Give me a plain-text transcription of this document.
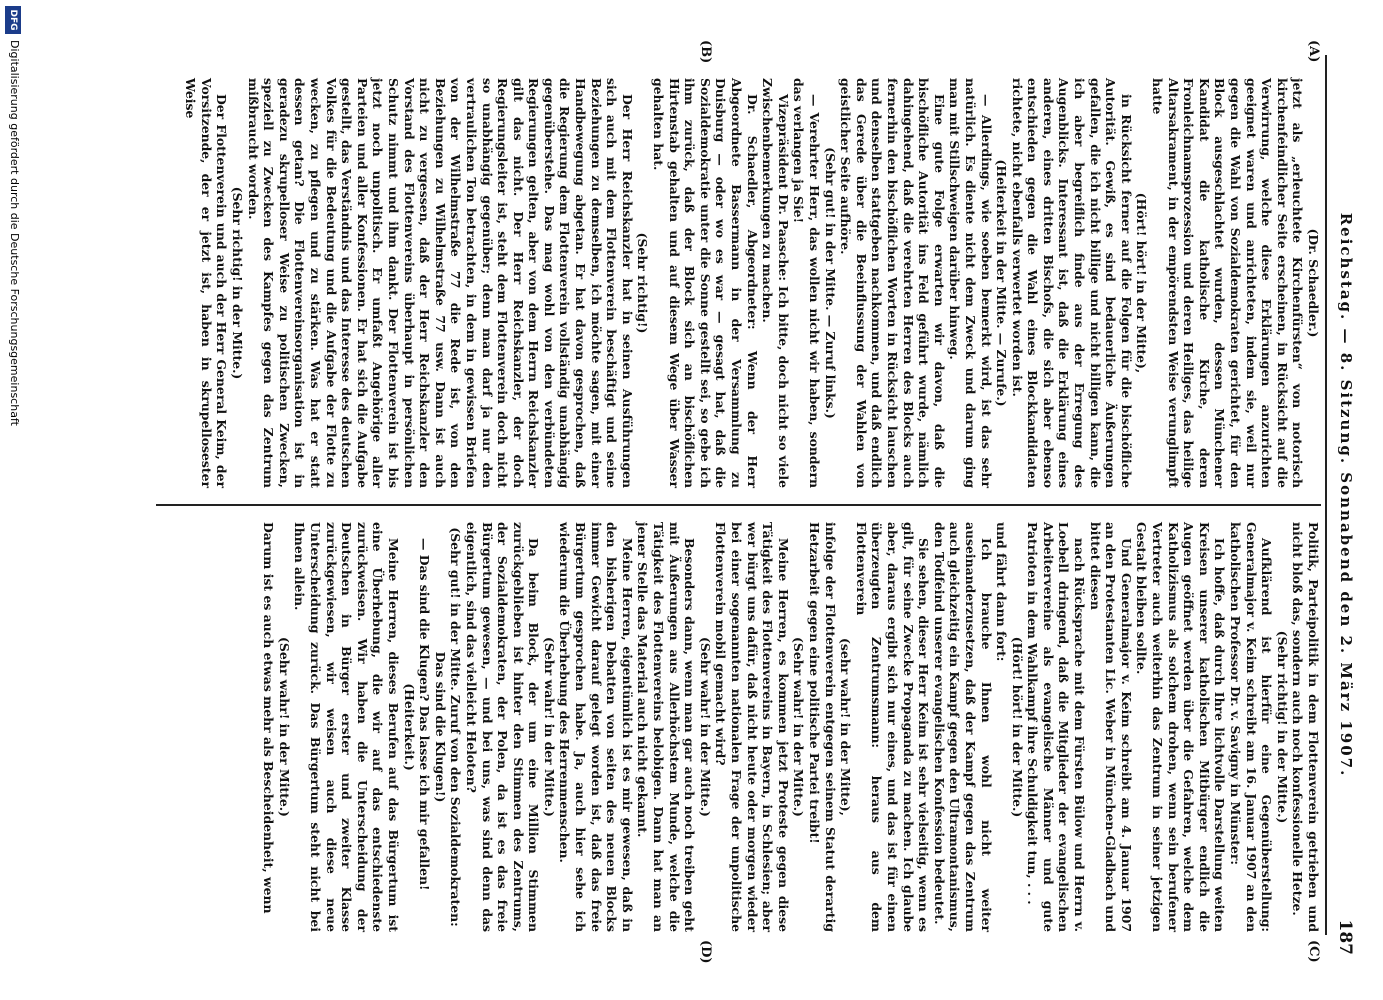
Reichstag. — 8. Sitzung. Sonnabend den 2. März 1907.
187
(A)
(B)
(C)
(D)

(Dr. Schaedler.)

jetzt als „erleuchtete Kirchenfürsten“ von notorisch kirchenfeindlicher Seite erscheinen, in Rücksicht auf die Verwirrung, welche diese Erklärungen anzurichten geeignet waren und anrichteten, indem sie, weil nur gegen die Wahl von Sozialdemokraten gerichtet, für den Block ausgeschlachtet wurden, dessen Münchener Kandidat die katholische Kirche, deren Fronleichnamsprozession und deren Heiliges, das heilige Altarsakrament, in der empörendsten Weise verunglimpft hatte

(Hört! hört! in der Mitte),

in Rücksicht ferner auf die Folgen für die bischöfliche Autorität. Gewiß, es sind bedauerliche Äußerungen gefallen, die ich nicht billige und nicht billigen kann, die ich aber begreiflich finde aus der Erregung des Augenblicks. Interessant ist, daß die Erklärung eines anderen, eines dritten Bischofs, die sich aber ebenso entschieden gegen die Wahl eines Blockkandidaten richtete, nicht ebenfalls verwertet worden ist.

(Heiterkeit in der Mitte. — Zurufe.)

— Allerdings, wie soeben bemerkt wird, ist das sehr natürlich. Es diente nicht dem Zweck und darum ging man mit Stillschweigen darüber hinweg.

Eine gute Folge erwarten wir davon, daß die bischöfliche Autorität ins Feld geführt wurde, nämlich dahingehend, daß die verehrten Herren des Blocks auch fernerhin den bischöflichen Worten in Rücksicht lauschen und denselben stattgeben nachkommen, und daß endlich das Gerede über die Beeinflussung der Wahlen von geistlicher Seite aufhöre.

(Sehr gut! in der Mitte. — Zuruf links.)

— Verehrter Herr, das wollen nicht wir haben, sondern das verlangen ja Sie!

Vizepräsident Dr. Paasche: Ich bitte, doch nicht so viele Zwischenbemerkungen zu machen.

Dr. Schaedler, Abgeordneter: Wenn der Herr Abgeordnete Bassermann in der Versammlung zu Duisburg — oder wo es war — gesagt hat, daß die Sozialdemokratie unter die Sonne gestellt sei, so gebe ich ihm zurück, daß der Block sich an bischöflichen Hirtenstab gehalten und auf diesem Wege über Wasser gehalten hat.

(Sehr richtig!)

Der Herr Reichskanzler hat in seinen Ausführungen sich auch mit dem Flottenverein beschäftigt und seine Beziehungen zu demselben, ich möchte sagen, mit einer Handbewegung abgetan. Er hat davon gesprochen, daß die Regierung dem Flottenverein vollständig unabhängig gegenüberstehe. Das mag wohl von den verbündeten Regierungen gelten, aber von dem Herrn Reichskanzler gilt das nicht. Der Herr Reichskanzler, der doch Regierungsleiter ist, steht dem Flottenverein doch nicht so unabhängig gegenüber; denn man darf ja nur den vertraulichen Ton betrachten, in dem in gewissen Briefen von der Wilhelmstraße 77 die Rede ist, von den Beziehungen zu Wilhelmstraße 77 usw. Dann ist auch nicht zu vergessen, daß der Herr Reichskanzler den Vorstand des Flottenvereins überhaupt in persönlichen Schutz nimmt und ihm dankt. Der Flottenverein ist bis jetzt noch unpolitisch. Er umfaßt Angehörige aller Parteien und aller Konfessionen. Er hat sich die Aufgabe gestellt, das Verständnis und das Interesse des deutschen Volkes für die Bedeutung und die Aufgabe der Flotte zu wecken, zu pflegen und zu stärken. Was hat er statt dessen getan? Die Flottenvereinsorganisation ist in geradezu skrupelloser Weise zu politischen Zwecken, speziell zu Zwecken des Kampfes gegen das Zentrum mißbraucht worden.

(Sehr richtig! in der Mitte.)

Der Flottenverein und auch der Herr General Keim, der Vorsitzende, der er jetzt ist, haben in skrupellosester Weise

Politik, Parteipolitik in dem Flottenverein getrieben und nicht bloß das, sondern auch noch konfessionelle Hetze.

(Sehr richtig! in der Mitte.)

Aufklärend ist hierfür eine Gegenüberstellung: Generalmajor v. Keim schreibt am 16. Januar 1907 an den katholischen Professor Dr. v. Savigny in Münster:

Ich hoffe, daß durch Ihre lichtvolle Darstellung weiten Kreisen unserer katholischen Mitbürger endlich die Augen geöffnet werden über die Gefahren, welche dem Katholizismus als solchem drohen, wenn sein berufener Vertreter auch weiterhin das Zentrum in seiner jetzigen Gestalt bleiben sollte.

Und Generalmajor v. Keim schreibt am 4. Januar 1907 an den Protestanten Lic. Weber in München-Gladbach und bittet diesen

nach Rücksprache mit dem Fürsten Bülow und Herrn v. Loebell dringend, daß die Mitglieder der evangelischen Arbeitervereine als evangelische Männer und gute Patrioten in dem Wahlkampf ihre Schuldigkeit tun, . . .

(Hört! hört! in der Mitte.)

und fährt dann fort:

Ich brauche Ihnen wohl nicht weiter auseinanderzusetzen, daß der Kampf gegen das Zentrum auch gleichzeitig ein Kampf gegen den Ultramontanismus, den Todfeind unserer evangelischen Konfession bedeutet.

Sie sehen, dieser Herr Keim ist sehr vielseitig, wenn es gilt, für seine Zwecke Propaganda zu machen. Ich glaube aber, daraus ergibt sich nur eines, und das ist für einen überzeugten Zentrumsmann: heraus aus dem Flottenverein

(sehr wahr! in der Mitte),

infolge der Flottenverein entgegen seinem Statut derartig Hetzarbeit gegen eine politische Partei treibt!

(Sehr wahr! in der Mitte.)

Meine Herren, es kommen jetzt Proteste gegen diese Tätigkeit des Flottenvereins in Bayern, in Schlesien; aber wer bürgt uns dafür, daß nicht heute oder morgen wieder bei einer sogenannten nationalen Frage der unpolitische Flottenverein mobil gemacht wird?

(Sehr wahr! in der Mitte.)

Besonders dann, wenn man gar auch noch treiben geht mit Äußerungen aus Allerhöchstem Munde, welche die Tätigkeit des Flottenvereins belobigen. Dann hat man an jener Stelle das Material auch nicht gekannt.

Meine Herren, eigentümlich ist es mir gewesen, daß in den bisherigen Debatten von seiten des neuen Blocks immer Gewicht darauf gelegt worden ist, daß das freie Bürgertum gesprochen habe. Ja, auch hier sehe ich wiederum die Überhebung des Herrenmenschen.

(Sehr wahr! in der Mitte.)

Da beim Block, der um eine Million Stimmen zurückgeblieben ist hinter den Stimmen des Zentrums, der Sozialdemokraten, der Polen, da ist es das freie Bürgertum gewesen, — und bei uns, was sind denn das eigentlich, sind das vielleicht Heloten?

(Sehr gut! in der Mitte. Zuruf von den Sozialdemokraten: Das sind die Klugen!)

— Das sind die Klugen? Das lasse ich mir gefallen!

(Heiterkeit.)

Meine Herren, dieses Berufen auf das Bürgertum ist eine Überhebung, die wir auf das entschiedenste zurückweisen. Wir haben die Unterscheidung der Deutschen in Bürger erster und zweiter Klasse zurückgewiesen, wir weisen auch diese neue Unterscheidung zurück. Das Bürgertum steht nicht bei Ihnen allein.

(Sehr wahr! in der Mitte.)

Darum ist es auch etwas mehr als Bescheidenheit, wenn

DFG
Digitalisierung gefördert durch die Deutsche Forschungsgemeinschaft
